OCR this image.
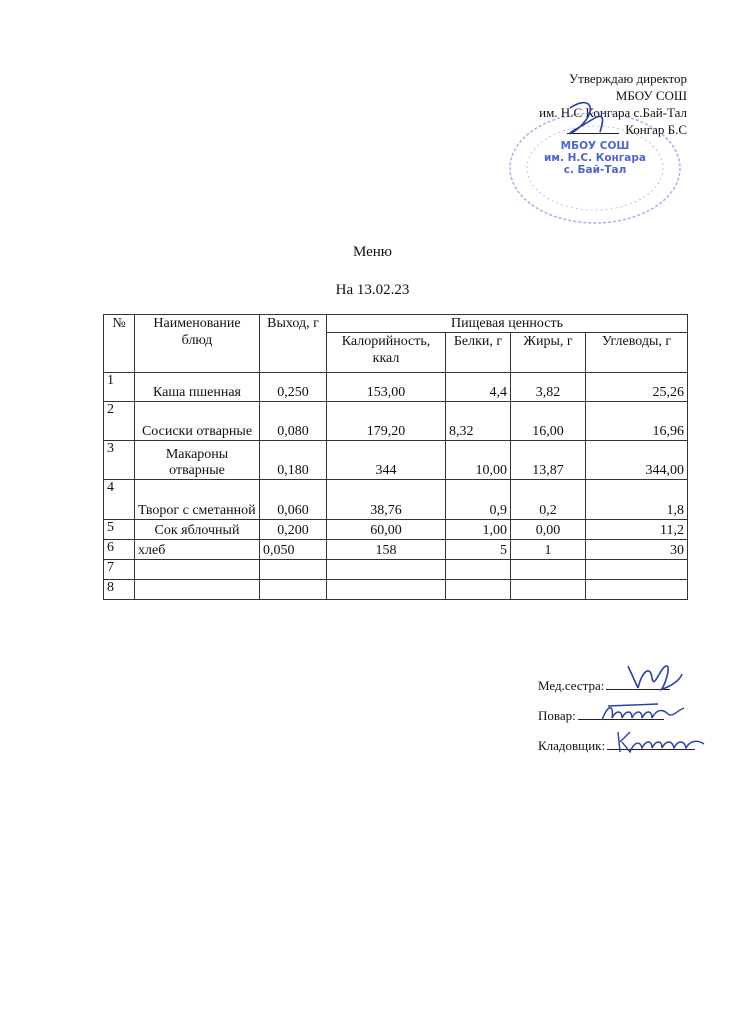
Утверждаю директор
МБОУ СОШ
им. Н.С Конгара с.Бай-Тал
Конгар Б.С
МБОУ СОШ
им. Н.С. Конгара
с. Бай-Тал
Меню
На 13.02.23
№	Наименование блюд	Выход, г	Пищевая ценность			
			Калорийность, ккал	Белки, г	Жиры, г	Углеводы, г
1	Каша пшенная	0,250	153,00	4,4	3,82	25,26
2	Сосиски отварные	0,080	179,20	8,32	16,00	16,96
3	Макароны отварные	0,180	344	10,00	13,87	344,00
4	Творог с сметанной	0,060	38,76	0,9	0,2	1,8
5	Сок яблочный	0,200	60,00	1,00	0,00	11,2
6	хлеб	0,050	158	5	1	30
7						
8						
Мед.сестра:
Повар:
Кладовщик:
